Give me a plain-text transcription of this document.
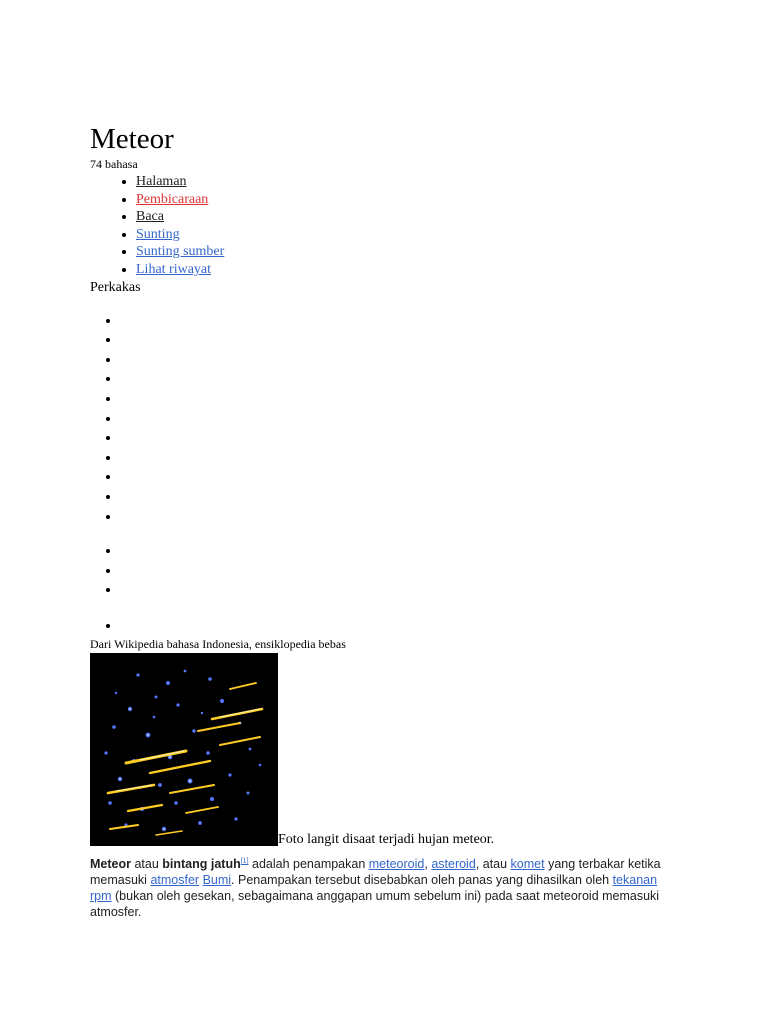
Meteor
74 bahasa
• Halaman
• Pembicaraan
• Baca
• Sunting
• Sunting sumber
• Lihat riwayat
Perkakas
•
•
•
•
•
•
•
•
•
•
•
•
•
•
•
Dari Wikipedia bahasa Indonesia, ensiklopedia bebas
Foto langit disaat terjadi hujan meteor.

Meteor atau bintang jatuh[1] adalah penampakan meteoroid, asteroid, atau komet yang terbakar ketika memasuki atmosfer Bumi. Penampakan tersebut disebabkan oleh panas yang dihasilkan oleh tekanan rpm (bukan oleh gesekan, sebagaimana anggapan umum sebelum ini) pada saat meteoroid memasuki atmosfer.
